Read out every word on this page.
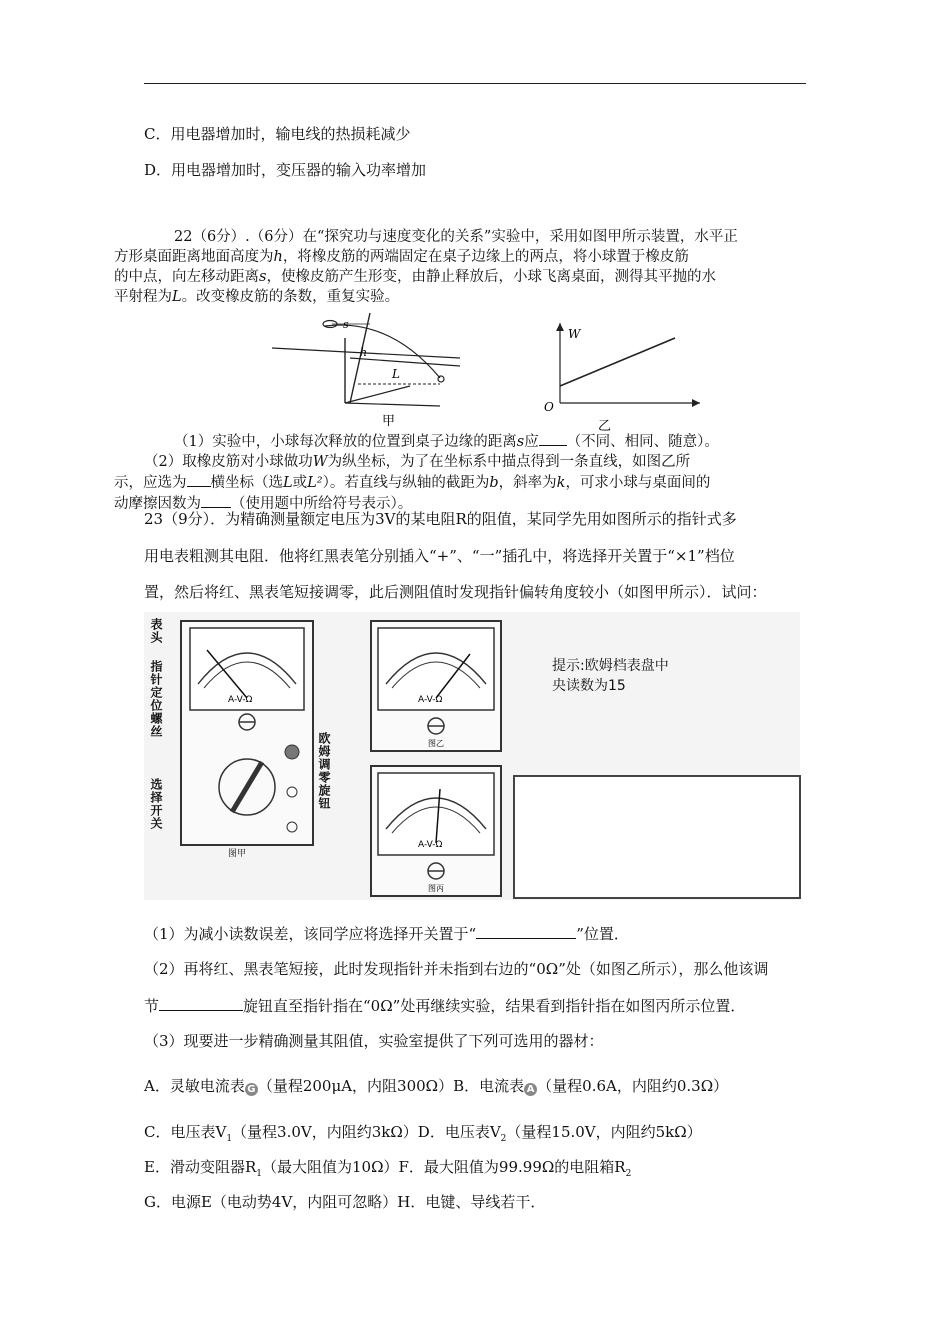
C．用电器增加时，输电线的热损耗减少
D．用电器增加时，变压器的输入功率增加
22（6分）.（6分）在“探究功与速度变化的关系”实验中，采用如图甲所示装置，水平正
方形桌面距离地面高度为h，将橡皮筋的两端固定在桌子边缘上的两点，将小球置于橡皮筋
的中点，向左移动距离s，使橡皮筋产生形变，由静止释放后，小球飞离桌面，测得其平抛的水
平射程为L。改变橡皮筋的条数，重复实验。
s
h
L
甲
W
O
乙
（1）实验中，小球每次释放的位置到桌子边缘的距离s应 （不同、相同、随意）。
（2）取橡皮筋对小球做功W为纵坐标，为了在坐标系中描点得到一条直线，如图乙所
示，应选为 横坐标（选L或L²）。若直线与纵轴的截距为b，斜率为k，可求小球与桌面间的
动摩擦因数为 （使用题中所给符号表示）。
23（9分）．为精确测量额定电压为3V的某电阻R的阻值，某同学先用如图所示的指针式多
用电表粗测其电阻．他将红黑表笔分别插入“+”、“一”插孔中，将选择开关置于“×1”档位
置，然后将红、黑表笔短接调零，此后测阻值时发现指针偏转角度较小（如图甲所示）．试问：
A-V-Ω
表头
指针定位螺丝
选择开关	欧姆调零旋钮
图甲
A-V-Ω
图乙
A-V-Ω
图丙
提示:欧姆档表盘中
央读数为15
（1）为减小读数误差，该同学应将选择开关置于“	”位置．
（2）再将红、黑表笔短接，此时发现指针并未指到右边的“0Ω”处（如图乙所示），那么他该调
节	旋钮直至指针指在“0Ω”处再继续实验，结果看到指针指在如图丙所示位置．
（3）现要进一步精确测量其阻值，实验室提供了下列可选用的器材：
A．灵敏电流表 G （量程200μA，内阻300Ω）B．电流表 A （量程0.6A，内阻约0.3Ω）
C．电压表$V_1$（量程3.0V，内阻约3kΩ）D．电压表$V_2$（量程15.0V，内阻约5kΩ）
E．滑动变阻器$R_1$（最大阻值为10Ω）F．最大阻值为99.99Ω的电阻箱$R_2$
G．电源E（电动势4V，内阻可忽略）H．电键、导线若干．
